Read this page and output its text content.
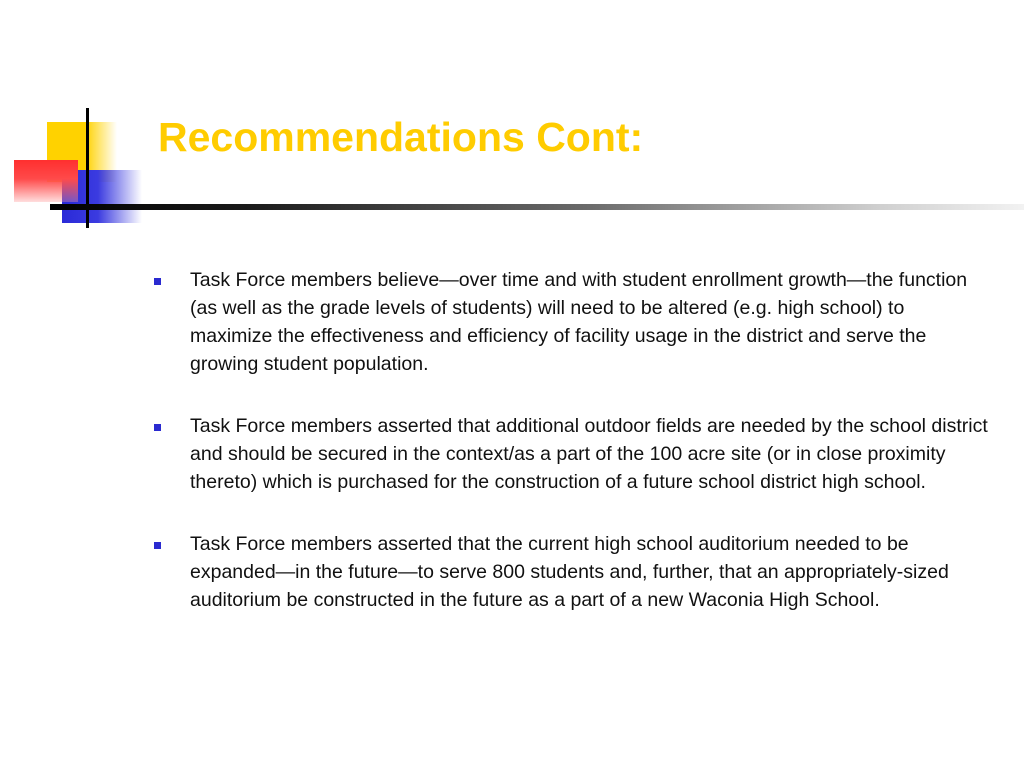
Recommendations Cont:
Task Force members believe—over time and with student enrollment growth—the function (as well as the grade levels of students) will need to be altered (e.g. high school) to maximize the effectiveness and efficiency of facility usage in the district and serve the growing student population.
Task Force members asserted that additional outdoor fields are needed by the school district and should be secured in the context/as a part of the 100 acre site (or in close proximity thereto) which is purchased for the construction of a future school district high school.
Task Force members asserted that the current high school auditorium needed to be expanded—in the future—to serve 800 students and, further, that an appropriately-sized auditorium be constructed in the future as a part of a new Waconia High School.
